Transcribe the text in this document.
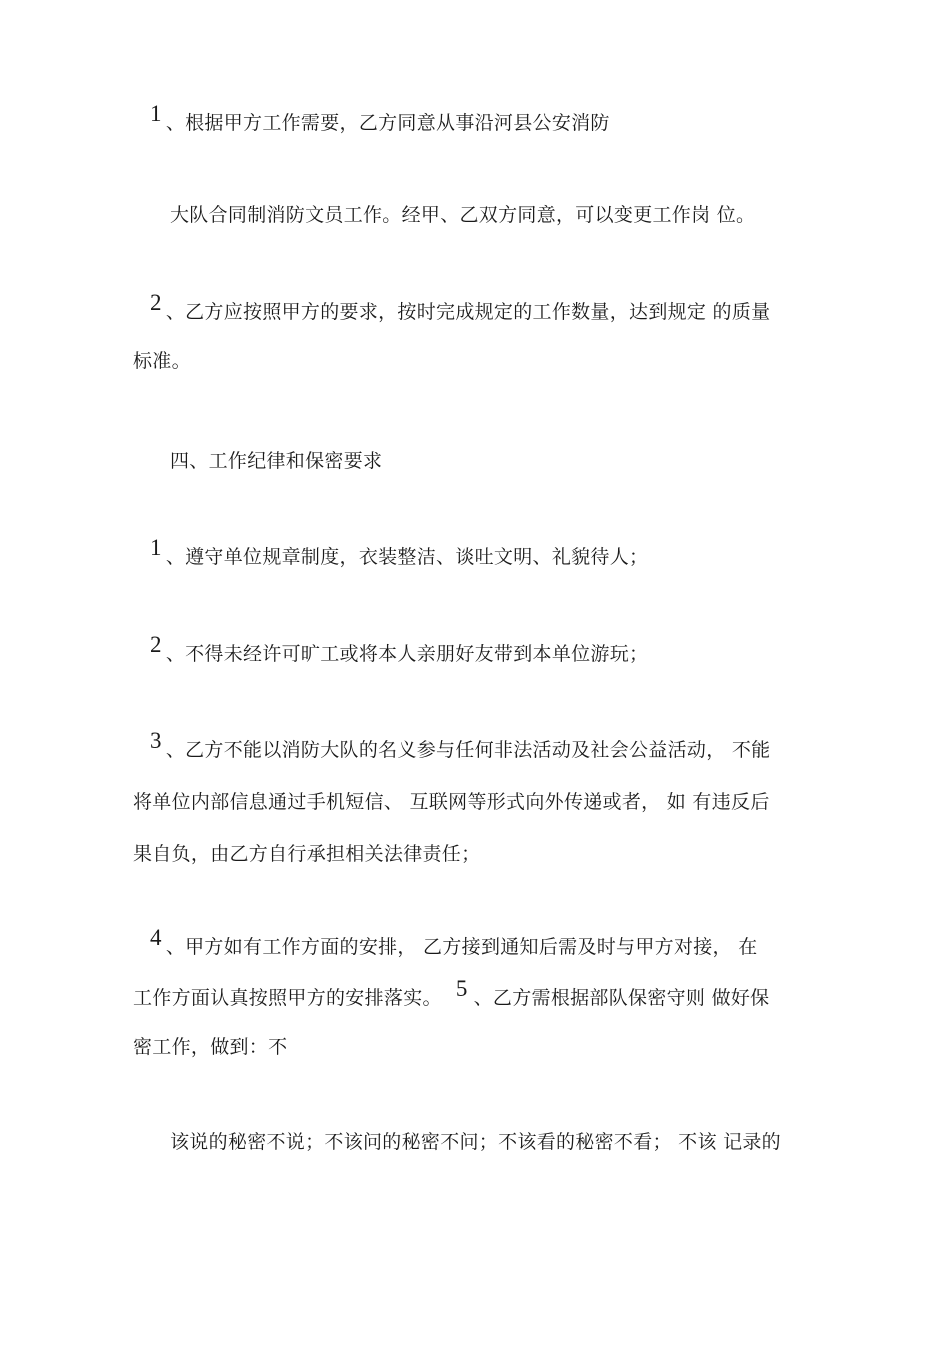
1 、根据甲方工作需要，乙方同意从事沿河县公安消防
大队合同制消防文员工作。经甲、乙双方同意，可以变更工作岗 位。
2 、乙方应按照甲方的要求，按时完成规定的工作数量，达到规定 的质量
标准。
四、工作纪律和保密要求
1 、遵守单位规章制度，衣装整洁、谈吐文明、礼貌待人；
2 、不得未经许可旷工或将本人亲朋好友带到本单位游玩；
3 、乙方不能以消防大队的名义参与任何非法活动及社会公益活动， 不能
将单位内部信息通过手机短信、 互联网等形式向外传递或者， 如 有违反后
果自负，由乙方自行承担相关法律责任；
4 、甲方如有工作方面的安排， 乙方接到通知后需及时与甲方对接， 在
工作方面认真按照甲方的安排落实。 5 、乙方需根据部队保密守则 做好保
密工作，做到：不
该说的秘密不说；不该问的秘密不问；不该看的秘密不看； 不该 记录的
